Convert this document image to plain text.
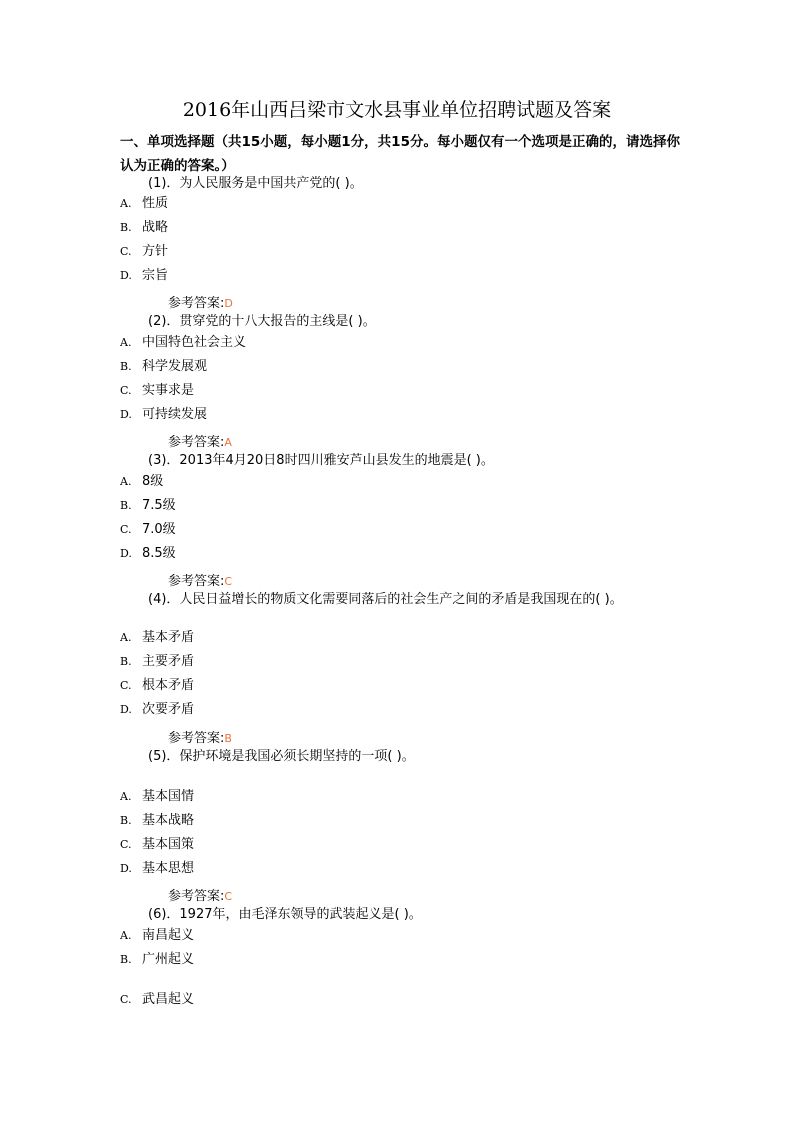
2016年山西吕梁市文水县事业单位招聘试题及答案
一、单项选择题（共15小题，每小题1分，共15分。每小题仅有一个选项是正确的，请选择你认为正确的答案。）
(1)．为人民服务是中国共产党的( )。
A. 性质
B. 战略
C. 方针
D. 宗旨
参考答案:D
(2)．贯穿党的十八大报告的主线是( )。
A. 中国特色社会主义
B. 科学发展观
C. 实事求是
D. 可持续发展
参考答案:A
(3)．2013年4月20日8时四川雅安芦山县发生的地震是( )。
A. 8级
B. 7.5级
C. 7.0级
D. 8.5级
参考答案:C
(4)．人民日益增长的物质文化需要同落后的社会生产之间的矛盾是我国现在的( )。
A. 基本矛盾
B. 主要矛盾
C. 根本矛盾
D. 次要矛盾
参考答案:B
(5)．保护环境是我国必须长期坚持的一项( )。
A. 基本国情
B. 基本战略
C. 基本国策
D. 基本思想
参考答案:C
(6)．1927年，由毛泽东领导的武装起义是( )。
A. 南昌起义
B. 广州起义
C. 武昌起义
